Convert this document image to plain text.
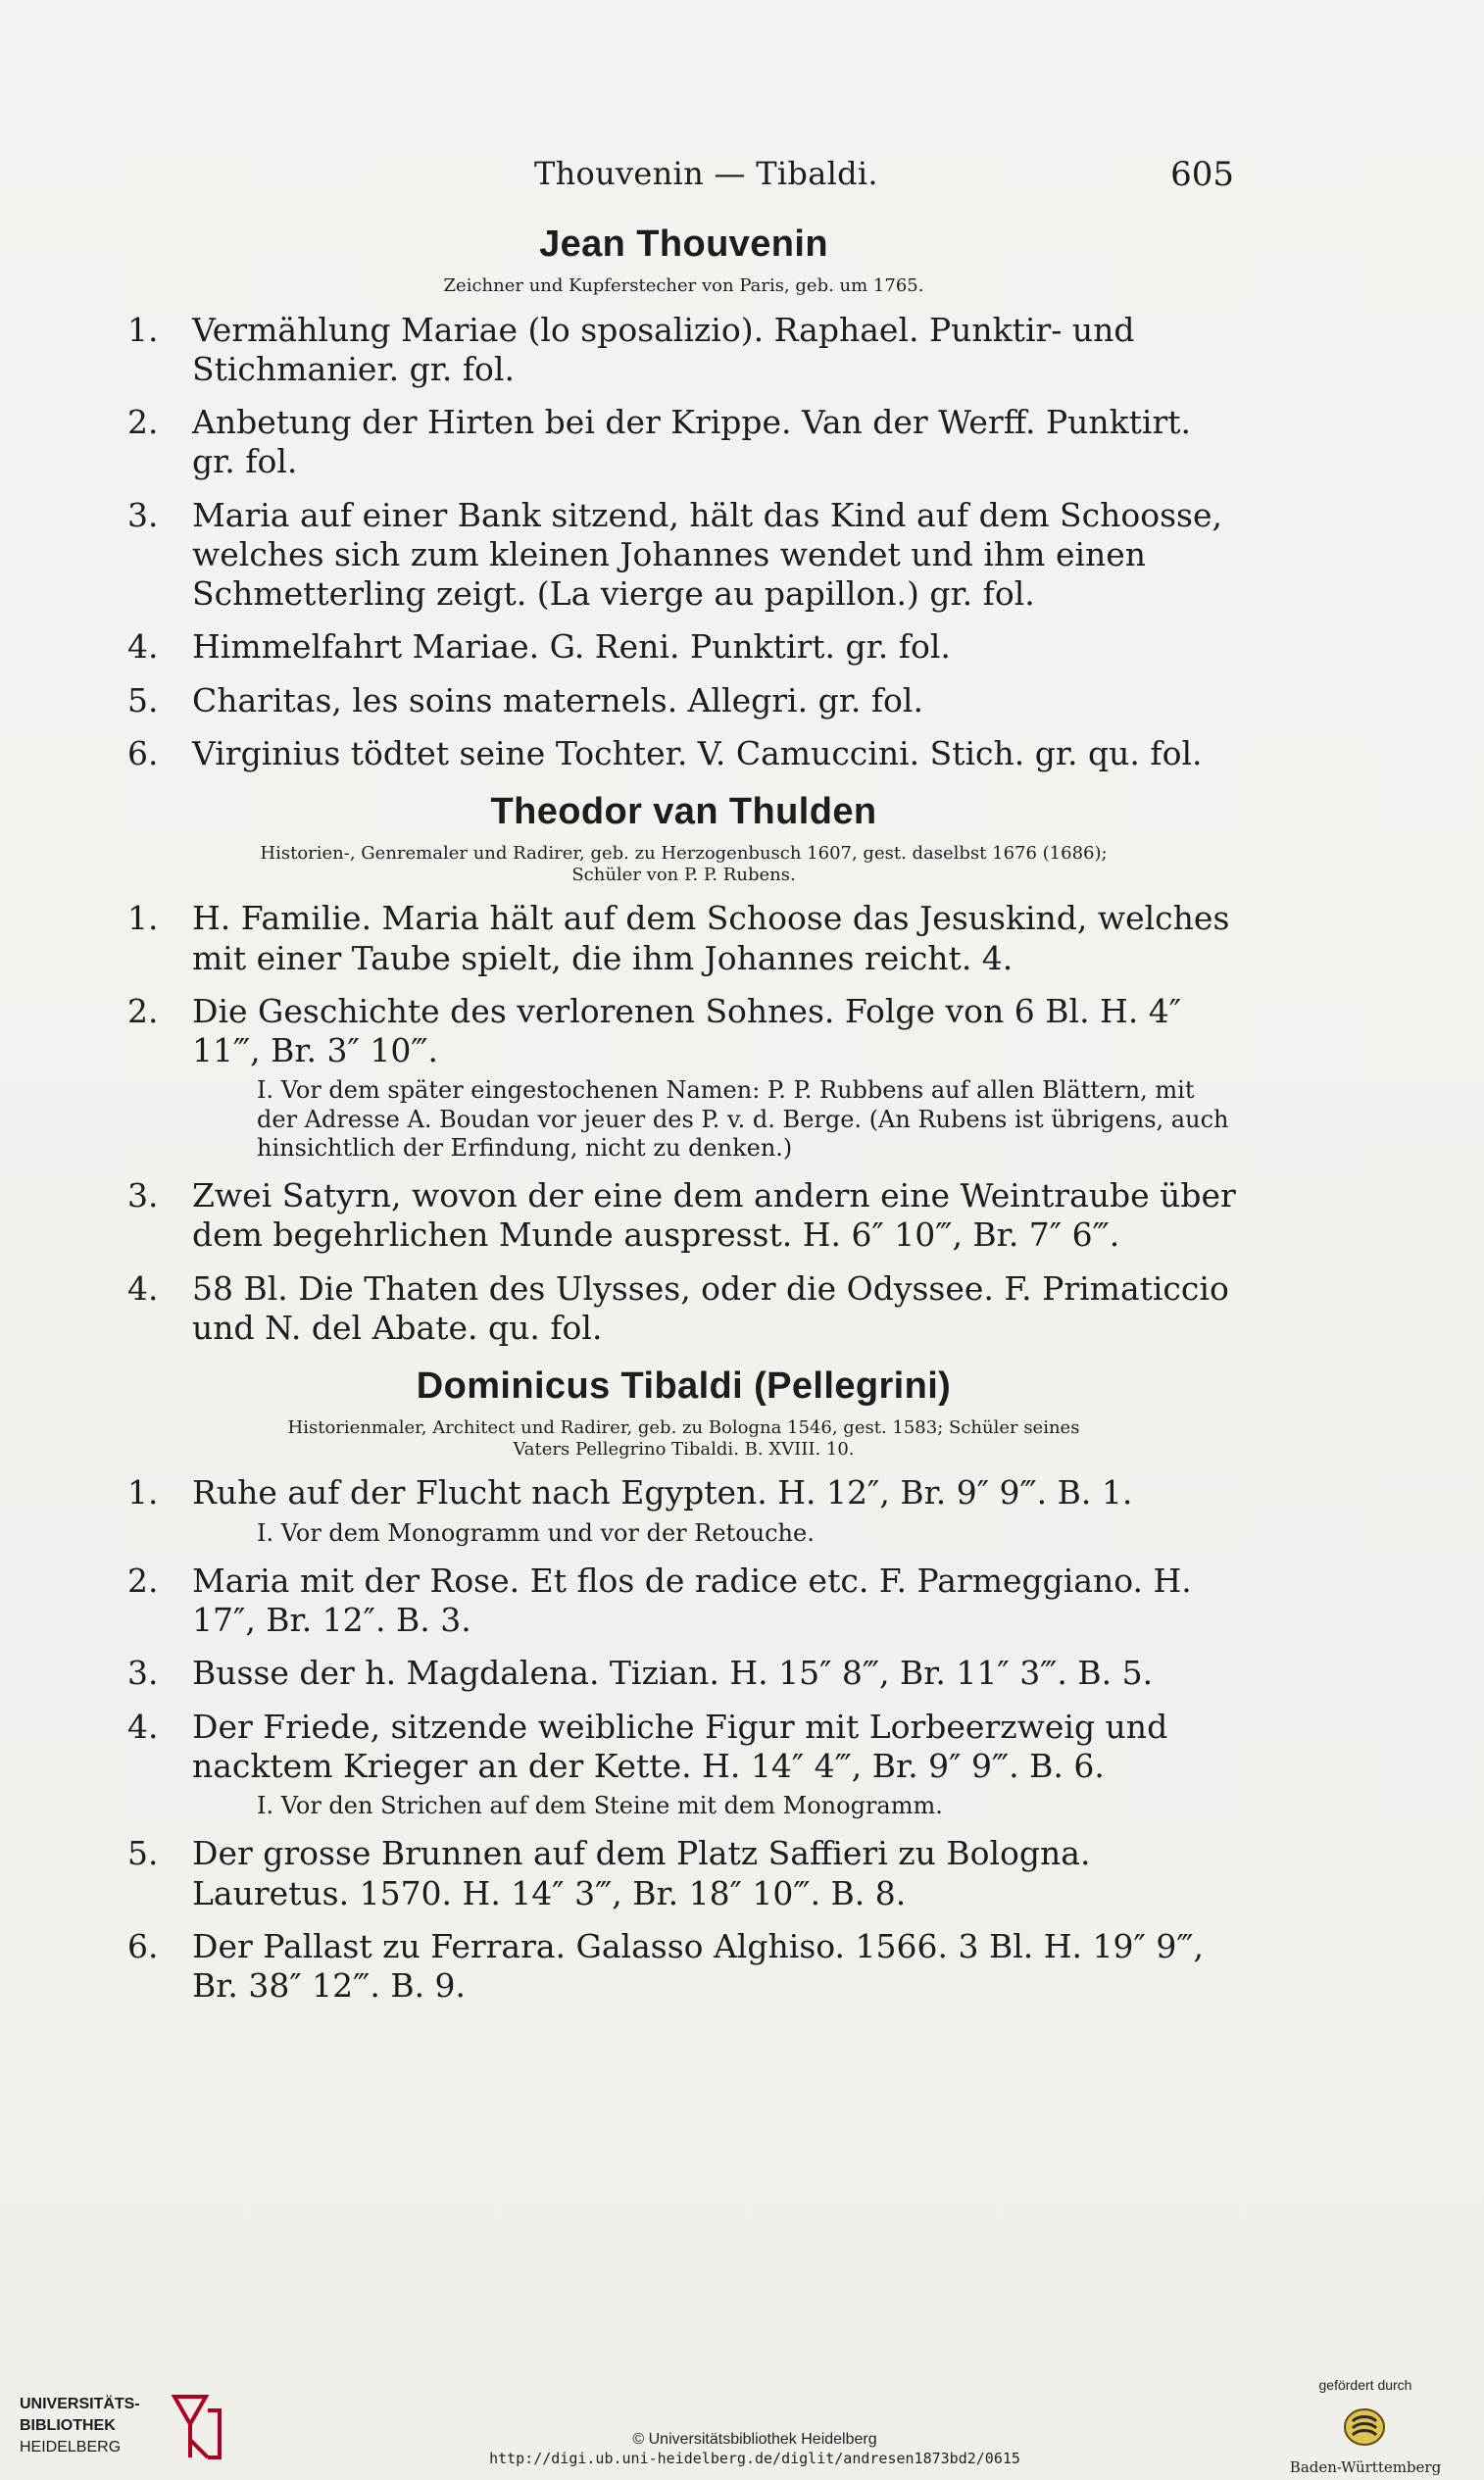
Thouvenin — Tibaldi.	605
Jean Thouvenin
Zeichner und Kupferstecher von Paris, geb. um 1765.
1.	Vermählung Mariae (lo sposalizio). Raphael. Punktir- und Stichmanier. gr. fol.
2.	Anbetung der Hirten bei der Krippe. Van der Werff. Punktirt. gr. fol.
3.	Maria auf einer Bank sitzend, hält das Kind auf dem Schoosse, welches sich zum kleinen Johannes wendet und ihm einen Schmetterling zeigt. (La vierge au papillon.) gr. fol.
4.	Himmelfahrt Mariae. G. Reni. Punktirt. gr. fol.
5.	Charitas, les soins maternels. Allegri. gr. fol.
6.	Virginius tödtet seine Tochter. V. Camuccini. Stich. gr. qu. fol.
Theodor van Thulden
Historien-, Genremaler und Radirer, geb. zu Herzogenbusch 1607, gest. daselbst 1676 (1686);
Schüler von P. P. Rubens.
1.	H. Familie. Maria hält auf dem Schoose das Jesuskind, welches mit einer Taube spielt, die ihm Johannes reicht. 4.
2.	Die Geschichte des verlorenen Sohnes. Folge von 6 Bl. H. 4″ 11‴, Br. 3″ 10‴.
I. Vor dem später eingestochenen Namen: P. P. Rubbens auf allen Blättern, mit der Adresse A. Boudan vor jeuer des P. v. d. Berge. (An Rubens ist übrigens, auch hinsichtlich der Erfindung, nicht zu denken.)
3.	Zwei Satyrn, wovon der eine dem andern eine Weintraube über dem begehrlichen Munde auspresst. H. 6″ 10‴, Br. 7″ 6‴.
4.	58 Bl. Die Thaten des Ulysses, oder die Odyssee. F. Primaticcio und N. del Abate. qu. fol.
Dominicus Tibaldi (Pellegrini)
Historienmaler, Architect und Radirer, geb. zu Bologna 1546, gest. 1583; Schüler seines
Vaters Pellegrino Tibaldi. B. XVIII. 10.
1.	Ruhe auf der Flucht nach Egypten. H. 12″, Br. 9″ 9‴. B. 1.
I. Vor dem Monogramm und vor der Retouche.
2.	Maria mit der Rose. Et flos de radice etc. F. Parmeggiano. H. 17″, Br. 12″. B. 3.
3.	Busse der h. Magdalena. Tizian. H. 15″ 8‴, Br. 11″ 3‴. B. 5.
4.	Der Friede, sitzende weibliche Figur mit Lorbeerzweig und nacktem Krieger an der Kette. H. 14″ 4‴, Br. 9″ 9‴. B. 6.
I. Vor den Strichen auf dem Steine mit dem Monogramm.
5.	Der grosse Brunnen auf dem Platz Saffieri zu Bologna. Lauretus. 1570. H. 14″ 3‴, Br. 18″ 10‴. B. 8.
6.	Der Pallast zu Ferrara. Galasso Alghiso. 1566. 3 Bl. H. 19″ 9‴, Br. 38″ 12‴. B. 9.
UNIVERSITÄTS-
BIBLIOTHEK
HEIDELBERG	© Universitätsbibliothek Heidelberg
http://digi.ub.uni-heidelberg.de/diglit/andresen1873bd2/0615
gefördert durch
Baden-Württemberg
